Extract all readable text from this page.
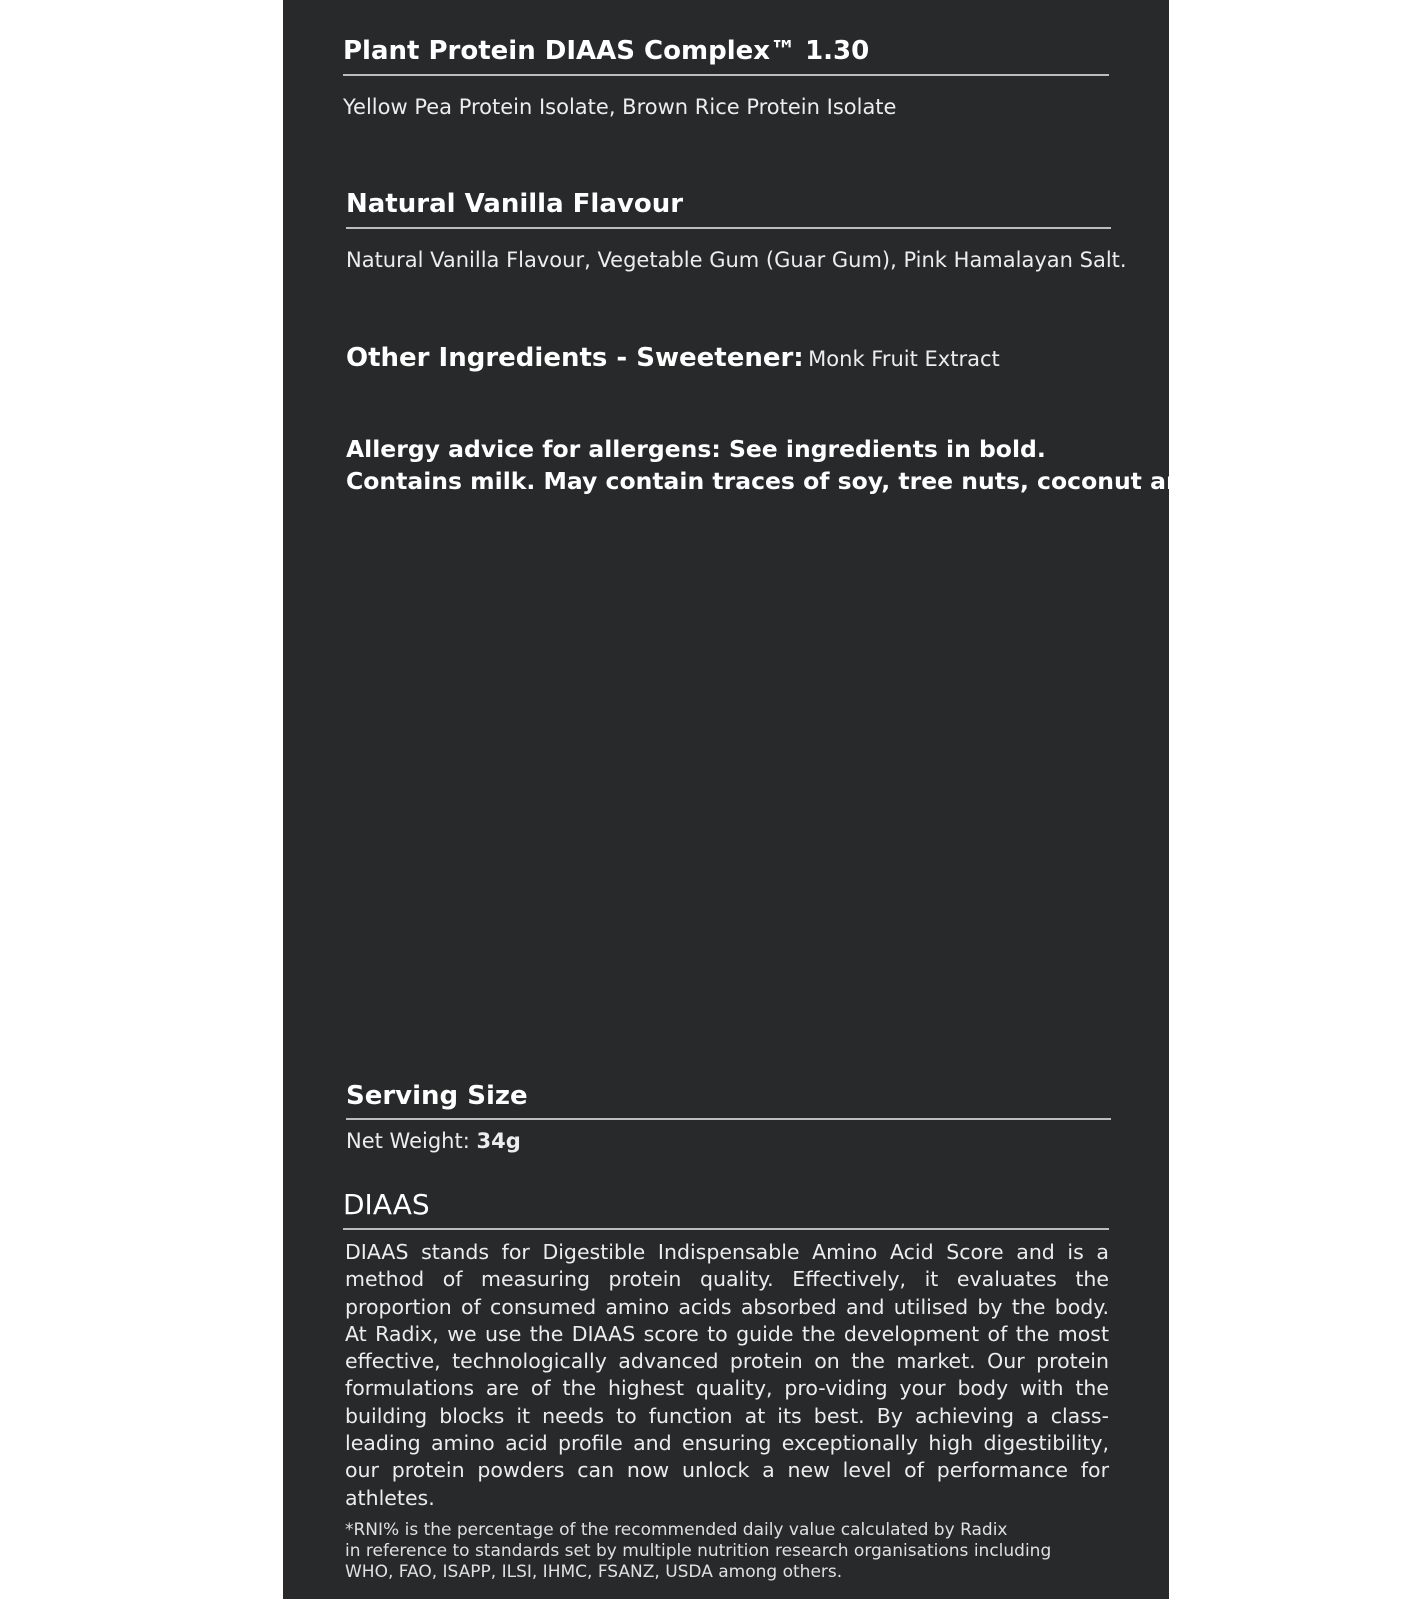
Plant Protein DIAAS Complex™ 1.30
Yellow Pea Protein Isolate, Brown Rice Protein Isolate
Natural Vanilla Flavour
Natural Vanilla Flavour, Vegetable Gum (Guar Gum), Pink Hamalayan Salt.
Other Ingredients - Sweetener: Monk Fruit Extract
Allergy advice for allergens: See ingredients in bold.
Contains milk. May contain traces of soy, tree nuts, coconut and fish.
Serving Size
Net Weight: 34g
DIAAS
DIAAS stands for Digestible Indispensable Amino Acid Score and is a method of measuring protein quality. Effectively, it evaluates the proportion of consumed amino acids absorbed and utilised by the body. At Radix, we use the DIAAS score to guide the development of the most effective, technologically advanced protein on the market. Our protein formulations are of the highest quality, pro-viding your body with the building blocks it needs to function at its best. By achieving a class-leading amino acid profile and ensuring exceptionally high digestibility, our protein powders can now unlock a new level of performance for athletes.
*RNI% is the percentage of the recommended daily value calculated by Radix
in reference to standards set by multiple nutrition research organisations including
WHO, FAO, ISAPP, ILSI, IHMC, FSANZ, USDA among others.
